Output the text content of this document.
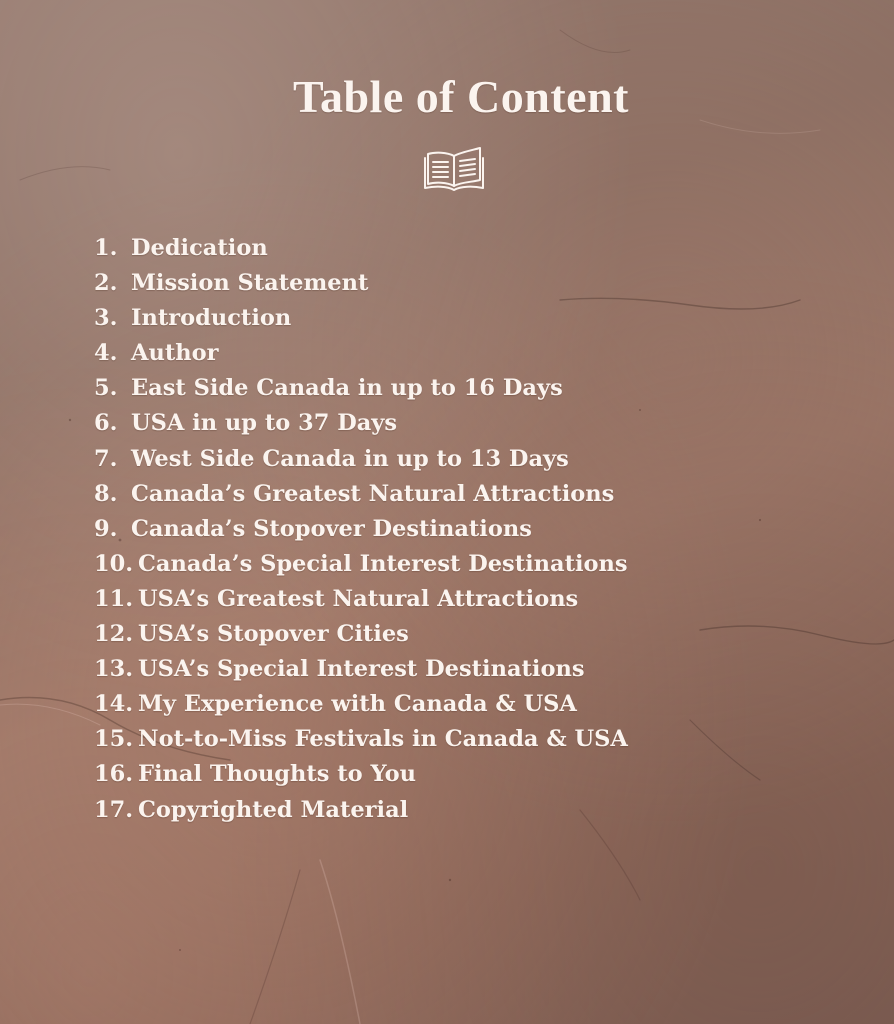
Table of Content
1. Dedication
2. Mission Statement
3. Introduction
4. Author
5. East Side Canada in up to 16 Days
6. USA in up to 37 Days
7. West Side Canada in up to 13 Days
8. Canada’s Greatest Natural Attractions
9. Canada’s Stopover Destinations
10. Canada’s Special Interest Destinations
11. USA’s Greatest Natural Attractions
12. USA’s Stopover Cities
13. USA’s Special Interest Destinations
14. My Experience with Canada & USA
15. Not-to-Miss Festivals in Canada & USA
16. Final Thoughts to You
17. Copyrighted Material
